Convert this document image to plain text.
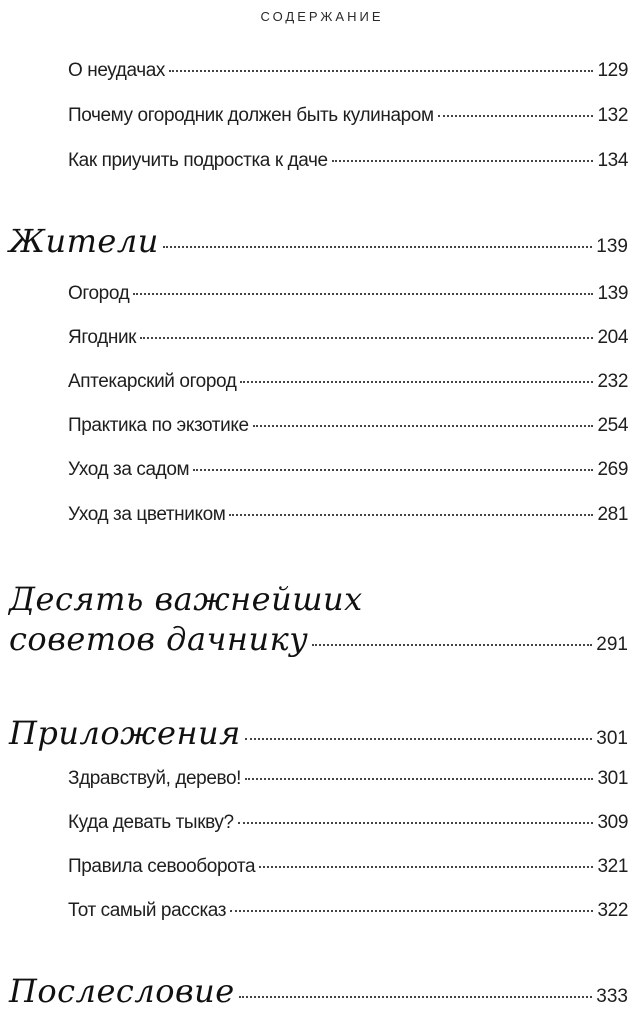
СОДЕРЖАНИЕ
О неудачах	129
Почему огородник должен быть кулинаром	132
Как приучить подростка к даче	134
Жители	139
Огород	139
Ягодник	204
Аптекарский огород	232
Практика по экзотике	254
Уход за садом	269
Уход за цветником	281
Десять важнейших
советов дачнику	291
Приложения	301
Здравствуй, дерево!	301
Куда девать тыкву?	309
Правила севооборота	321
Тот самый рассказ	322
Послесловие	333
